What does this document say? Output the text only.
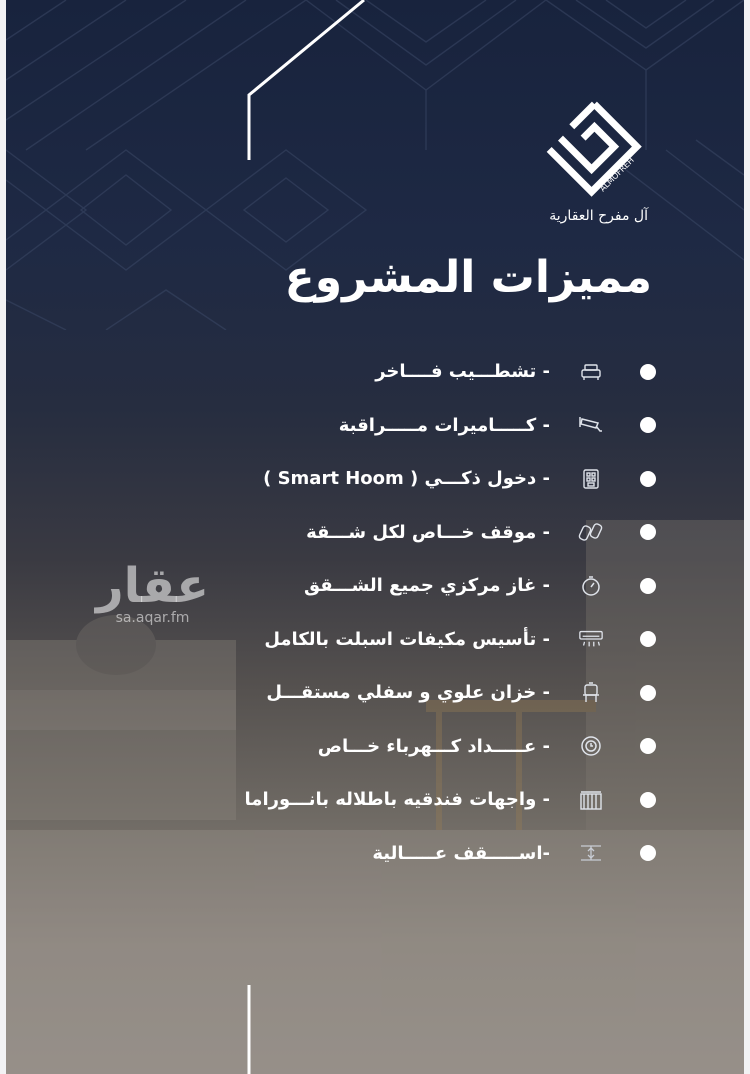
ALMOFREH
آل مفرح العقارية
مميزات المشروع
- تشطـــيب فــــاخر
- كـــــاميرات مـــــراقبة
- دخول ذكـــي ( Smart Hoom )
- موقف خـــاص لكل شـــقة
- غاز مركزي جميع الشـــقق
- تأسيس مكيفات اسبلت بالكامل
- خزان علوي و سفلي مستقـــل
- عـــــداد كـــهرباء خـــاص
- واجهات فندقيه باطلاله بانـــوراما
-اســـــقف عـــــالية
عقار
sa.aqar.fm
